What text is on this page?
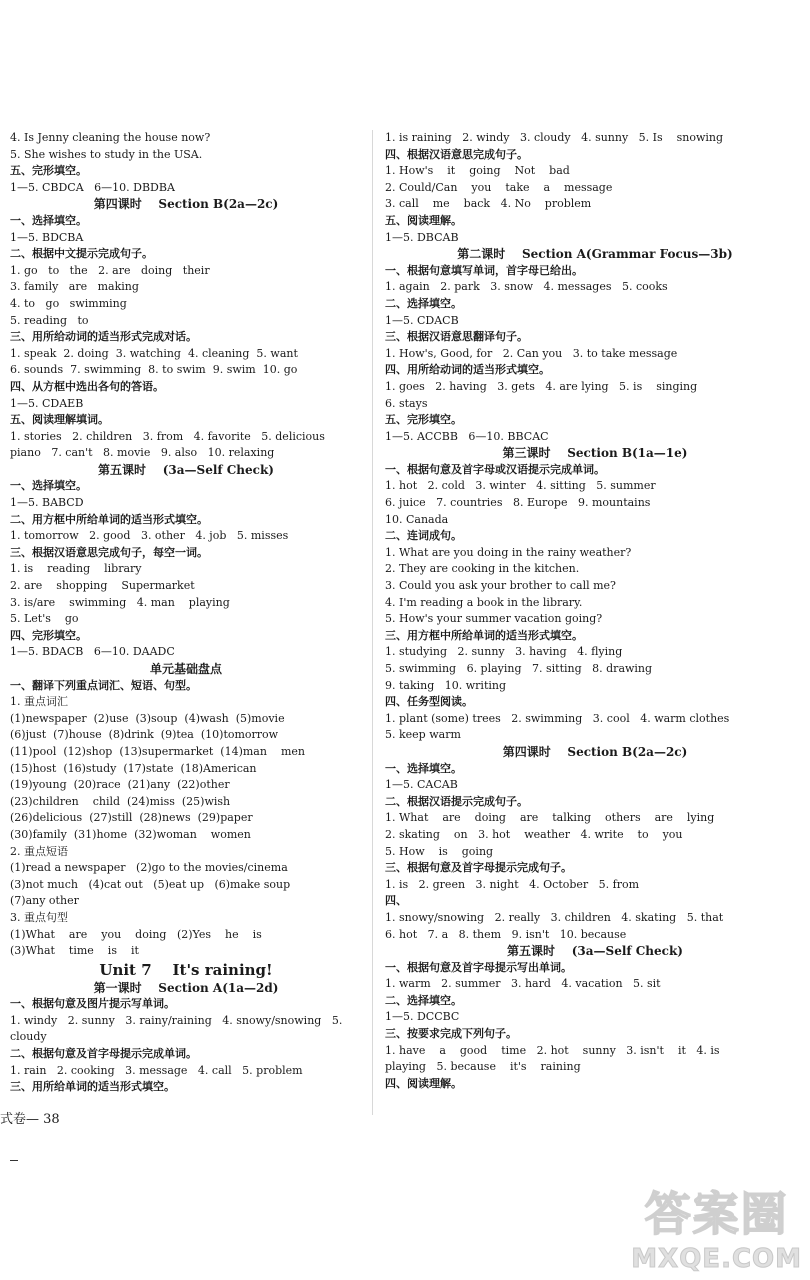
4. Is Jenny cleaning the house now?
5. She wishes to study in the USA.
五、完形填空。
1—5. CBDCA   6—10. DBDBA
第四课时    Section B(2a—2c)
一、选择填空。
1—5. BDCBA
二、根据中文提示完成句子。
1. go   to   the   2. are   doing   their
3. family   are   making
4. to   go   swimming
5. reading   to
三、用所给动词的适当形式完成对话。
1. speak  2. doing  3. watching  4. cleaning  5. want
6. sounds  7. swimming  8. to swim  9. swim  10. go
四、从方框中选出各句的答语。
1—5. CDAEB
五、阅读理解填词。
1. stories   2. children   3. from   4. favorite   5. delicious
piano   7. can't   8. movie   9. also   10. relaxing
第五课时    (3a—Self Check)
一、选择填空。
1—5. BABCD
二、用方框中所给单词的适当形式填空。
1. tomorrow   2. good   3. other   4. job   5. misses
三、根据汉语意思完成句子，每空一词。
1. is    reading    library
2. are    shopping    Supermarket
3. is/are    swimming   4. man    playing
5. Let's    go
四、完形填空。
1—5. BDACB   6—10. DAADC
单元基础盘点
一、翻译下列重点词汇、短语、句型。
1. 重点词汇
(1)newspaper  (2)use  (3)soup  (4)wash  (5)movie
(6)just  (7)house  (8)drink  (9)tea  (10)tomorrow
(11)pool  (12)shop  (13)supermarket  (14)man    men
(15)host  (16)study  (17)state  (18)American
(19)young  (20)race  (21)any  (22)other
(23)children    child  (24)miss  (25)wish
(26)delicious  (27)still  (28)news  (29)paper
(30)family  (31)home  (32)woman    women
2. 重点短语
(1)read a newspaper   (2)go to the movies/cinema
(3)not much   (4)cat out   (5)eat up   (6)make soup
(7)any other
3. 重点句型
(1)What    are    you    doing   (2)Yes    he    is
(3)What    time    is    it
Unit 7    It's raining!
第一课时    Section A(1a—2d)
一、根据句意及图片提示写单词。
1. windy   2. sunny   3. rainy/raining   4. snowy/snowing   5.
cloudy
二、根据句意及首字母提示完成单词。
1. rain   2. cooking   3. message   4. call   5. problem
三、用所给单词的适当形式填空。
1. is raining   2. windy   3. cloudy   4. sunny   5. Is    snowing
四、根据汉语意思完成句子。
1. How's    it    going    Not    bad
2. Could/Can    you    take    a    message
3. call    me    back   4. No    problem
五、阅读理解。
1—5. DBCAB
第二课时    Section A(Grammar Focus—3b)
一、根据句意填写单词，首字母已给出。
1. again   2. park   3. snow   4. messages   5. cooks
二、选择填空。
1—5. CDACB
三、根据汉语意思翻译句子。
1. How's, Good, for   2. Can you   3. to take message
四、用所给动词的适当形式填空。
1. goes   2. having   3. gets   4. are lying   5. is    singing
6. stays
五、完形填空。
1—5. ACCBB   6—10. BBCAC
第三课时    Section B(1a—1e)
一、根据句意及首字母或汉语提示完成单词。
1. hot   2. cold   3. winter   4. sitting   5. summer
6. juice   7. countries   8. Europe   9. mountains
10. Canada
二、连词成句。
1. What are you doing in the rainy weather?
2. They are cooking in the kitchen.
3. Could you ask your brother to call me?
4. I'm reading a book in the library.
5. How's your summer vacation going?
三、用方框中所给单词的适当形式填空。
1. studying   2. sunny   3. having   4. flying
5. swimming   6. playing   7. sitting   8. drawing
9. taking   10. writing
四、任务型阅读。
1. plant (some) trees   2. swimming   3. cool   4. warm clothes
5. keep warm
第四课时    Section B(2a—2c)
一、选择填空。
1—5. CACAB
二、根据汉语提示完成句子。
1. What    are    doing    are    talking    others    are    lying
2. skating    on   3. hot    weather   4. write    to    you
5. How    is    going
三、根据句意及首字母提示完成句子。
1. is   2. green   3. night   4. October   5. from
四、
1. snowy/snowing   2. really   3. children   4. skating   5. that
6. hot   7. a   8. them   9. isn't   10. because
第五课时    (3a—Self Check)
一、根据句意及首字母提示写出单词。
1. warm   2. summer   3. hard   4. vacation   5. sit
二、选择填空。
1—5. DCCBC
三、按要求完成下列句子。
1. have    a    good    time   2. hot    sunny   3. isn't    it   4. is
playing   5. because    it's    raining
四、阅读理解。
式卷— 38
答案圈
MXQE.COM
